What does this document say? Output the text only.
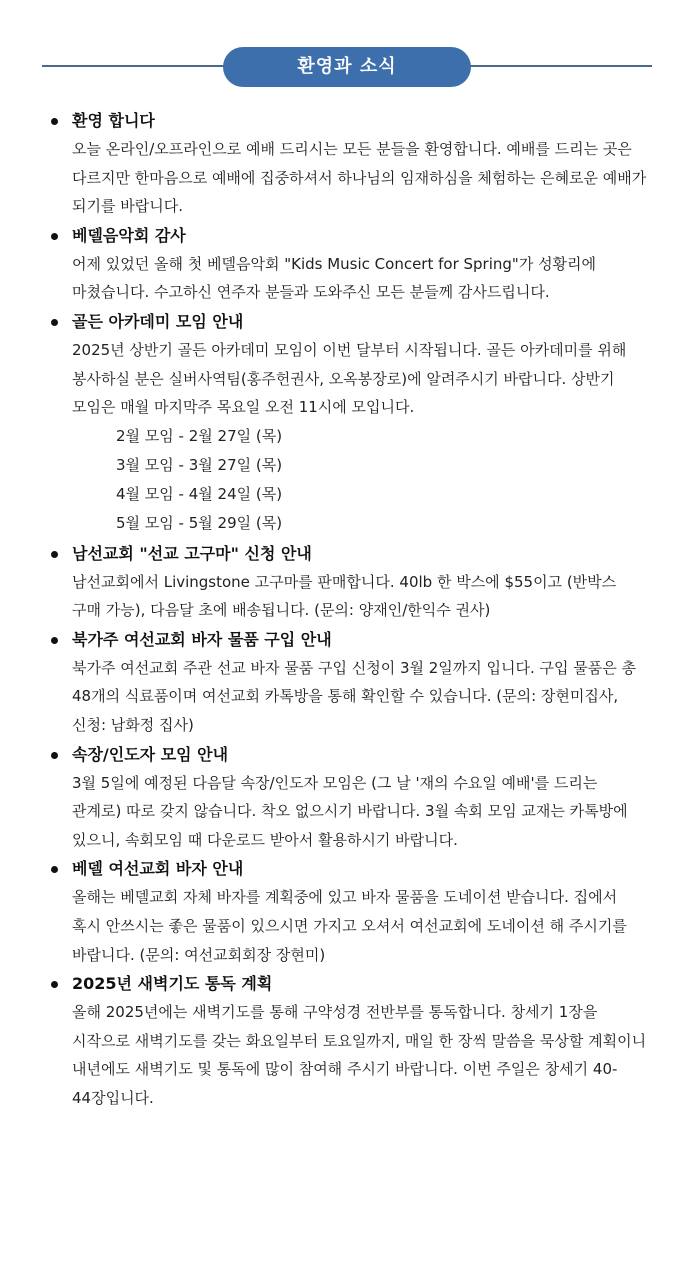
환영과 소식
환영 합니다

오늘 온라인/오프라인으로 예배 드리시는 모든 분들을 환영합니다. 예배를 드리는 곳은 다르지만 한마음으로 예배에 집중하셔서 하나님의 임재하심을 체험하는 은혜로운 예배가 되기를 바랍니다.

베델음악회 감사

어제 있었던 올해 첫 베델음악회 "Kids Music Concert for Spring"가 성황리에 마쳤습니다. 수고하신 연주자 분들과 도와주신 모든 분들께 감사드립니다.

골든 아카데미 모임 안내

2025년 상반기 골든 아카데미 모임이 이번 달부터 시작됩니다. 골든 아카데미를 위해 봉사하실 분은 실버사역팀(홍주헌권사, 오옥봉장로)에 알려주시기 바랍니다. 상반기 모임은 매월 마지막주 목요일 오전 11시에 모입니다.

2월 모임 - 2월 27일 (목)
3월 모임 - 3월 27일 (목)
4월 모임 - 4월 24일 (목)
5월 모임 - 5월 29일 (목)
남선교회 "선교 고구마" 신청 안내

남선교회에서 Livingstone 고구마를 판매합니다. 40lb 한 박스에 $55이고 (반박스 구매 가능), 다음달 초에 배송됩니다. (문의: 양재인/한익수 권사)

북가주 여선교회 바자 물품 구입 안내

북가주 여선교회 주관 선교 바자 물품 구입 신청이 3월 2일까지 입니다. 구입 물품은 총 48개의 식료품이며 여선교회 카톡방을 통해 확인할 수 있습니다. (문의: 장현미집사, 신청: 남화정 집사)

속장/인도자 모임 안내

3월 5일에 예정된 다음달 속장/인도자 모임은 (그 날 '재의 수요일 예배'를 드리는 관계로) 따로 갖지 않습니다. 착오 없으시기 바랍니다. 3월 속회 모임 교재는 카톡방에 있으니, 속회모임 때 다운로드 받아서 활용하시기 바랍니다.

베델 여선교회 바자 안내

올해는 베델교회 자체 바자를 계획중에 있고 바자 물품을 도네이션 받습니다. 집에서 혹시 안쓰시는 좋은 물품이 있으시면 가지고 오셔서 여선교회에 도네이션 해 주시기를 바랍니다. (문의: 여선교회회장 장현미)

2025년 새벽기도 통독 계획

올해 2025년에는 새벽기도를 통해 구약성경 전반부를 통독합니다. 창세기 1장을 시작으로 새벽기도를 갖는 화요일부터 토요일까지, 매일 한 장씩 말씀을 묵상할 계획이니 내년에도 새벽기도 및 통독에 많이 참여해 주시기 바랍니다. 이번 주일은 창세기 40-44장입니다.
